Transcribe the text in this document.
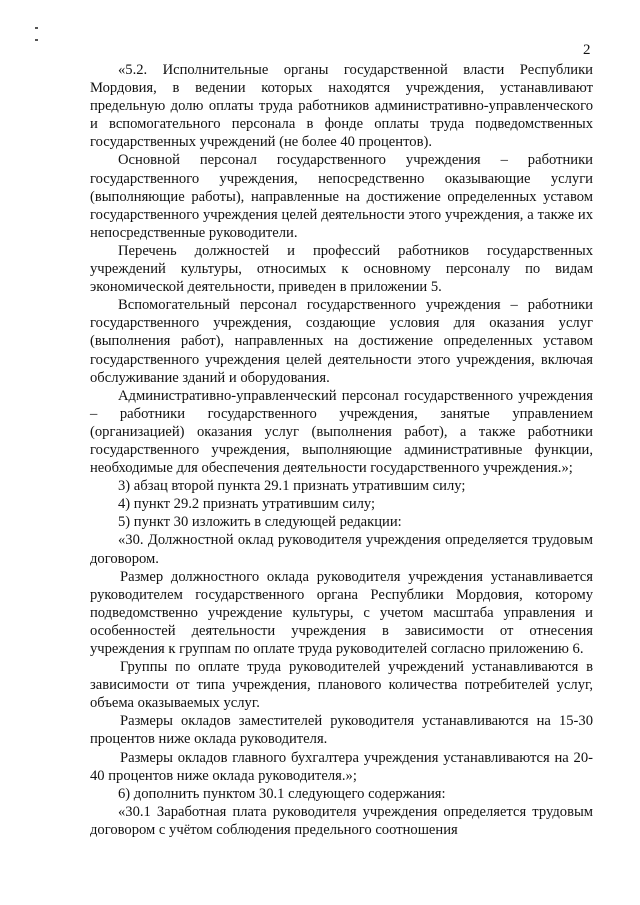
2

«5.2. Исполнительные органы государственной власти Республики Мордовия, в ведении которых находятся учреждения, устанавливают предельную долю оплаты труда работников административно-управленческого и вспомогательного персонала в фонде оплаты труда подведомственных государственных учреждений (не более 40 процентов).

Основной персонал государственного учреждения – работники государственного учреждения, непосредственно оказывающие услуги (выполняющие работы), направленные на достижение определенных уставом государственного учреждения целей деятельности этого учреждения, а также их непосредственные руководители.

Перечень должностей и профессий работников государственных учреждений культуры, относимых к основному персоналу по видам экономической деятельности, приведен в приложении 5.

Вспомогательный персонал государственного учреждения – работники государственного учреждения, создающие условия для оказания услуг (выполнения работ), направленных на достижение определенных уставом государственного учреждения целей деятельности этого учреждения, включая обслуживание зданий и оборудования.

Административно-управленческий персонал государственного учреждения – работники государственного учреждения, занятые управлением (организацией) оказания услуг (выполнения работ), а также работники государственного учреждения, выполняющие административные функции, необходимые для обеспечения деятельности государственного учреждения.»;

3) абзац второй пункта 29.1 признать утратившим силу;

4) пункт 29.2 признать утратившим силу;

5) пункт 30 изложить в следующей редакции:

«30. Должностной оклад руководителя учреждения определяется трудовым договором.

Размер должностного оклада руководителя учреждения устанавливается руководителем государственного органа Республики Мордовия, которому подведомственно учреждение культуры, с учетом масштаба управления и особенностей деятельности учреждения в зависимости от отнесения учреждения к группам по оплате труда руководителей согласно приложению 6.

Группы по оплате труда руководителей учреждений устанавливаются в зависимости от типа учреждения, планового количества потребителей услуг, объема оказываемых услуг.

Размеры окладов заместителей руководителя устанавливаются на 15-30 процентов ниже оклада руководителя.

Размеры окладов главного бухгалтера учреждения устанавливаются на 20-40 процентов ниже оклада руководителя.»;

6) дополнить пунктом 30.1 следующего содержания:

«30.1 Заработная плата руководителя учреждения определяется трудовым договором с учётом соблюдения предельного соотношения
